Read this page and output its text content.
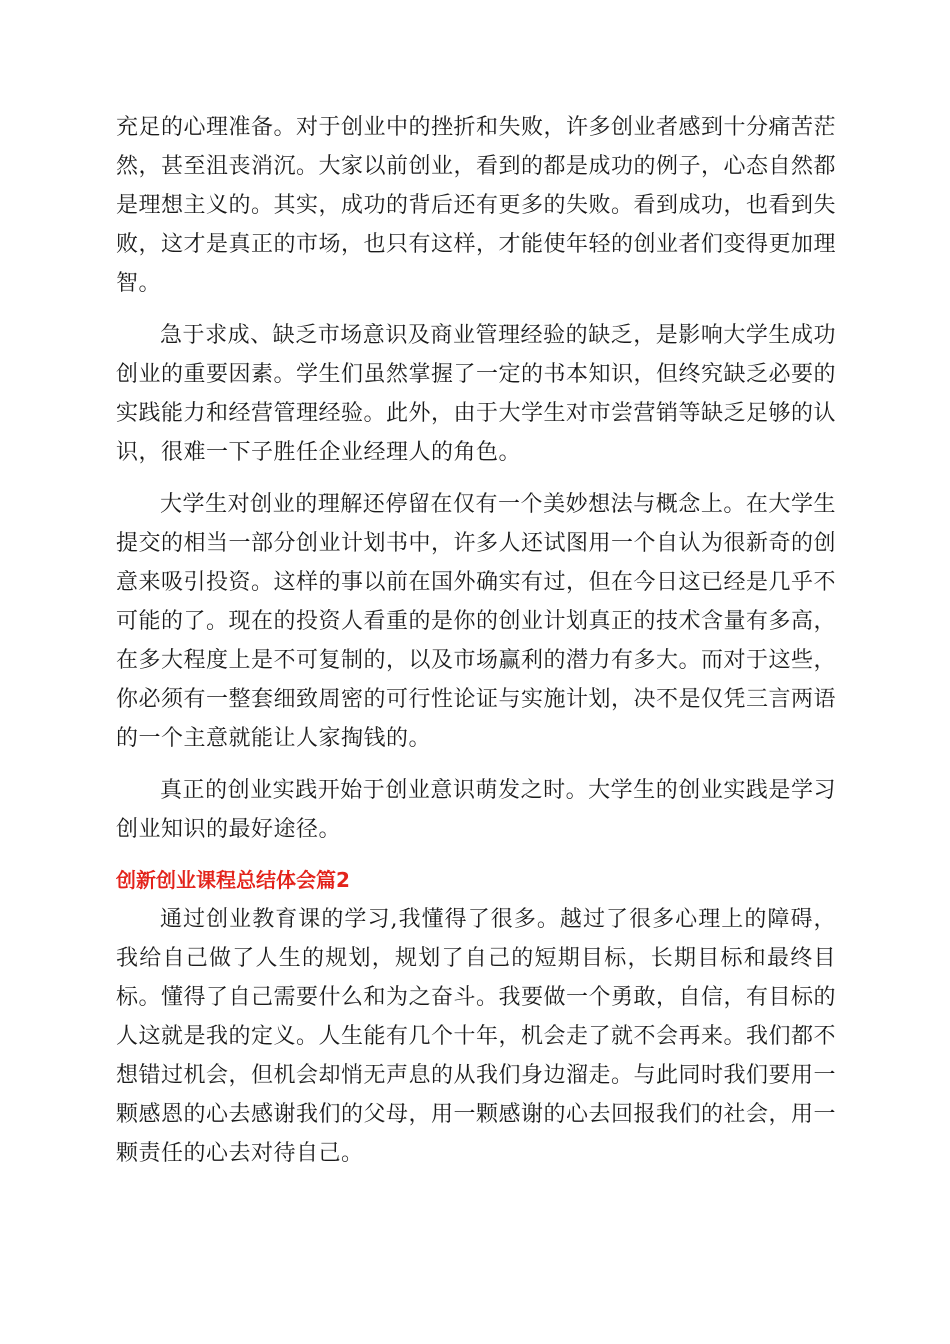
充足的心理准备。对于创业中的挫折和失败，许多创业者感到十分痛苦茫然，甚至沮丧消沉。大家以前创业，看到的都是成功的例子，心态自然都是理想主义的。其实，成功的背后还有更多的失败。看到成功，也看到失败，这才是真正的市场，也只有这样，才能使年轻的创业者们变得更加理智。

急于求成、缺乏市场意识及商业管理经验的缺乏，是影响大学生成功创业的重要因素。学生们虽然掌握了一定的书本知识，但终究缺乏必要的实践能力和经营管理经验。此外，由于大学生对市尝营销等缺乏足够的认识，很难一下子胜任企业经理人的角色。

大学生对创业的理解还停留在仅有一个美妙想法与概念上。在大学生提交的相当一部分创业计划书中，许多人还试图用一个自认为很新奇的创意来吸引投资。这样的事以前在国外确实有过，但在今日这已经是几乎不可能的了。现在的投资人看重的是你的创业计划真正的技术含量有多高，在多大程度上是不可复制的，以及市场赢利的潜力有多大。而对于这些，你必须有一整套细致周密的可行性论证与实施计划，决不是仅凭三言两语的一个主意就能让人家掏钱的。

真正的创业实践开始于创业意识萌发之时。大学生的创业实践是学习创业知识的最好途径。

创新创业课程总结体会篇2

通过创业教育课的学习,我懂得了很多。越过了很多心理上的障碍，我给自己做了人生的规划，规划了自己的短期目标，长期目标和最终目标。懂得了自己需要什么和为之奋斗。我要做一个勇敢，自信，有目标的人这就是我的定义。人生能有几个十年，机会走了就不会再来。我们都不想错过机会，但机会却悄无声息的从我们身边溜走。与此同时我们要用一颗感恩的心去感谢我们的父母，用一颗感谢的心去回报我们的社会，用一颗责任的心去对待自己。
